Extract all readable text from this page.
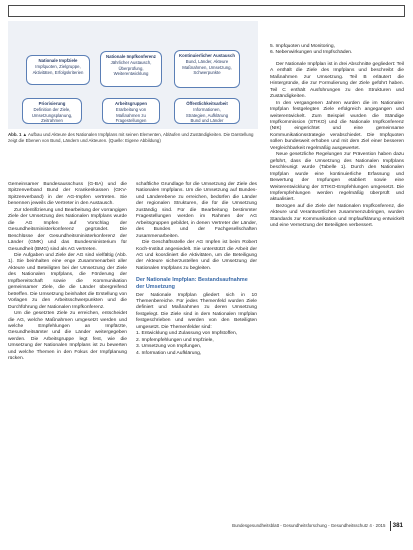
Nationale Impfziele
Impfquoten, Zielgruppe,
Aktivitäten, Erfolgskriterien
Nationale Impfkonferenz
Jährlicher Austausch,
Überprüfung,
Weiterentwicklung
Kontinuierlicher Austausch
Bund, Länder, Akteure
Maßnahmen, Umsetzung,
Schwerpunkte
Priorisierung
Definition der Ziele,
Umsetzungsplanung,
Zeitrahmen
Arbeitsgruppen
Erarbeitung von
Maßnahmen zu
Fragestellungen
Öffentlichkeitsarbeit
Informationen,
Strategien, Aufklärung
Bund und Länder
Abb. 1 ▲ Aufbau und Akteure des Nationalen Impfplans mit seinen Elementen, Abläufen und Zuständigkeiten. Die Darstellung zeigt die Ebenen von Bund, Ländern und Akteuren. (Quelle: Eigene Abbildung)

Gemeinsamer Bundesausschuss (G-BA) und die Spitzenverband Bund der Krankenkassen (GKV-Spitzenverband) in der AG-Impfen vertreten. Sie benennen jeweils die Vertreter in den Austausch.

Zur Identifizierung und Bearbeitung der vorrangigen Ziele der Umsetzung des Nationalen Impfplans wurde die AG Impfen auf Vorschlag der Gesundheitsministerkonferenz gegründet. Die Beschlüsse der Gesundheitsministerkonferenz der Länder (GMK) und das Bundesministerium für Gesundheit (BMG) sind als AG vertreten.

Die Aufgaben und Ziele der AG sind vielfältig (Abb. 1). Sie beinhalten eine enge Zusammenarbeit aller Akteure und Beteiligten bei der Umsetzung der Ziele des Nationalen Impfplans, die Förderung der Impfbereitschaft sowie die Kommunikation gemeinsamer Ziele, die die Länder übergreifend betreffen. Die Umsetzung beinhaltet die Erstellung von Vorlagen zu den Arbeitsschwerpunkten und die Durchführung der Nationalen Impfkonferenz.

Um die gesetzten Ziele zu erreichen, entscheidet die AG, welche Maßnahmen umgesetzt werden und welche Empfehlungen an Impfärzte, Gesundheitsämter und die Länder weitergegeben werden. Die Arbeitsgruppe legt fest, wie die Umsetzung der Nationalen Impfplans ist zu bewerten und welche Themen in den Fokus der Impfplanung rücken.

schaftliche Grundlage für die Umsetzung der Ziele des Nationalen Impfplans. Um die Umsetzung auf Bundes- und Länderebene zu erreichen, bedürfen die Länder der regionalen Strukturen, die für die Umsetzung zuständig sind. Für die Bearbeitung bestimmter Fragestellungen werden im Rahmen der AG Arbeitsgruppen gebildet, in denen Vertreter der Länder, des Bundes und der Fachgesellschaften zusammenarbeiten.

Die Geschäftsstelle der AG Impfen ist beim Robert Koch-Institut angesiedelt. Sie unterstützt die Arbeit der AG und koordiniert die Aktivitäten, um die Beteiligung der Akteure sicherzustellen und die Umsetzung der Nationalen Impfplans zu begleiten.

Der Nationale Impfplan: Bestandsaufnahme der Umsetzung

Der Nationale Impfplan gliedert sich in 10 Themenbereiche. Für jedes Themenfeld wurden Ziele definiert und Maßnahmen zu deren Umsetzung festgelegt. Die Ziele sind in dem Nationalen Impfplan festgeschrieben und werden von den Beteiligten umgesetzt. Die Themenfelder sind:

1. Entwicklung und Zulassung von Impfstoffen,
2. Impfempfehlungen und Impfziele,
3. Umsetzung von Impfungen,
4. Information und Aufklärung,
5. Impfquoten und Monitoring,
6. Nebenwirkungen und Impfschäden.

Der Nationale Impfplan ist in drei Abschnitte gegliedert: Teil A enthält die Ziele des Impfplans und beschreibt die Maßnahmen zur Umsetzung. Teil B erläutert die Hintergründe, die zur Formulierung der Ziele geführt haben. Teil C enthält Ausführungen zu den Strukturen und Zuständigkeiten.

In den vergangenen Jahren wurden die im Nationalen Impfplan festgelegten Ziele erfolgreich angegangen und weiterentwickelt. Zum Beispiel wurden die Ständige Impfkommission (STIKO) und die Nationale Impfkonferenz (NIK) eingerichtet und eine gemeinsame Kommunikationsstrategie verabschiedet. Die Impfquoten sollen bundesweit erhoben und mit dem Ziel einer besseren Vergleichbarkeit regelmäßig ausgewertet.

Neue gesetzliche Regelungen zur Prävention haben dazu geführt, dass die Umsetzung des Nationalen Impfplans beschleunigt wurde (Tabelle 1). Durch den Nationalen Impfplan wurde eine kontinuierliche Erfassung und Bewertung der Impfungen etabliert sowie eine Weiterentwicklung der STIKO-Empfehlungen umgesetzt. Die Impfempfehlungen werden regelmäßig überprüft und aktualisiert.

Bezogen auf die Ziele der Nationalen Impfkonferenz, die Akteure und Verantwortlichen zusammenzubringen, wurden Standards zur Kommunikation und Impfaufklärung entwickelt und eine Vernetzung der Beteiligten verbessert.

Bundesgesundheitsblatt - Gesundheitsforschung - Gesundheitsschutz 4 · 2015 381
